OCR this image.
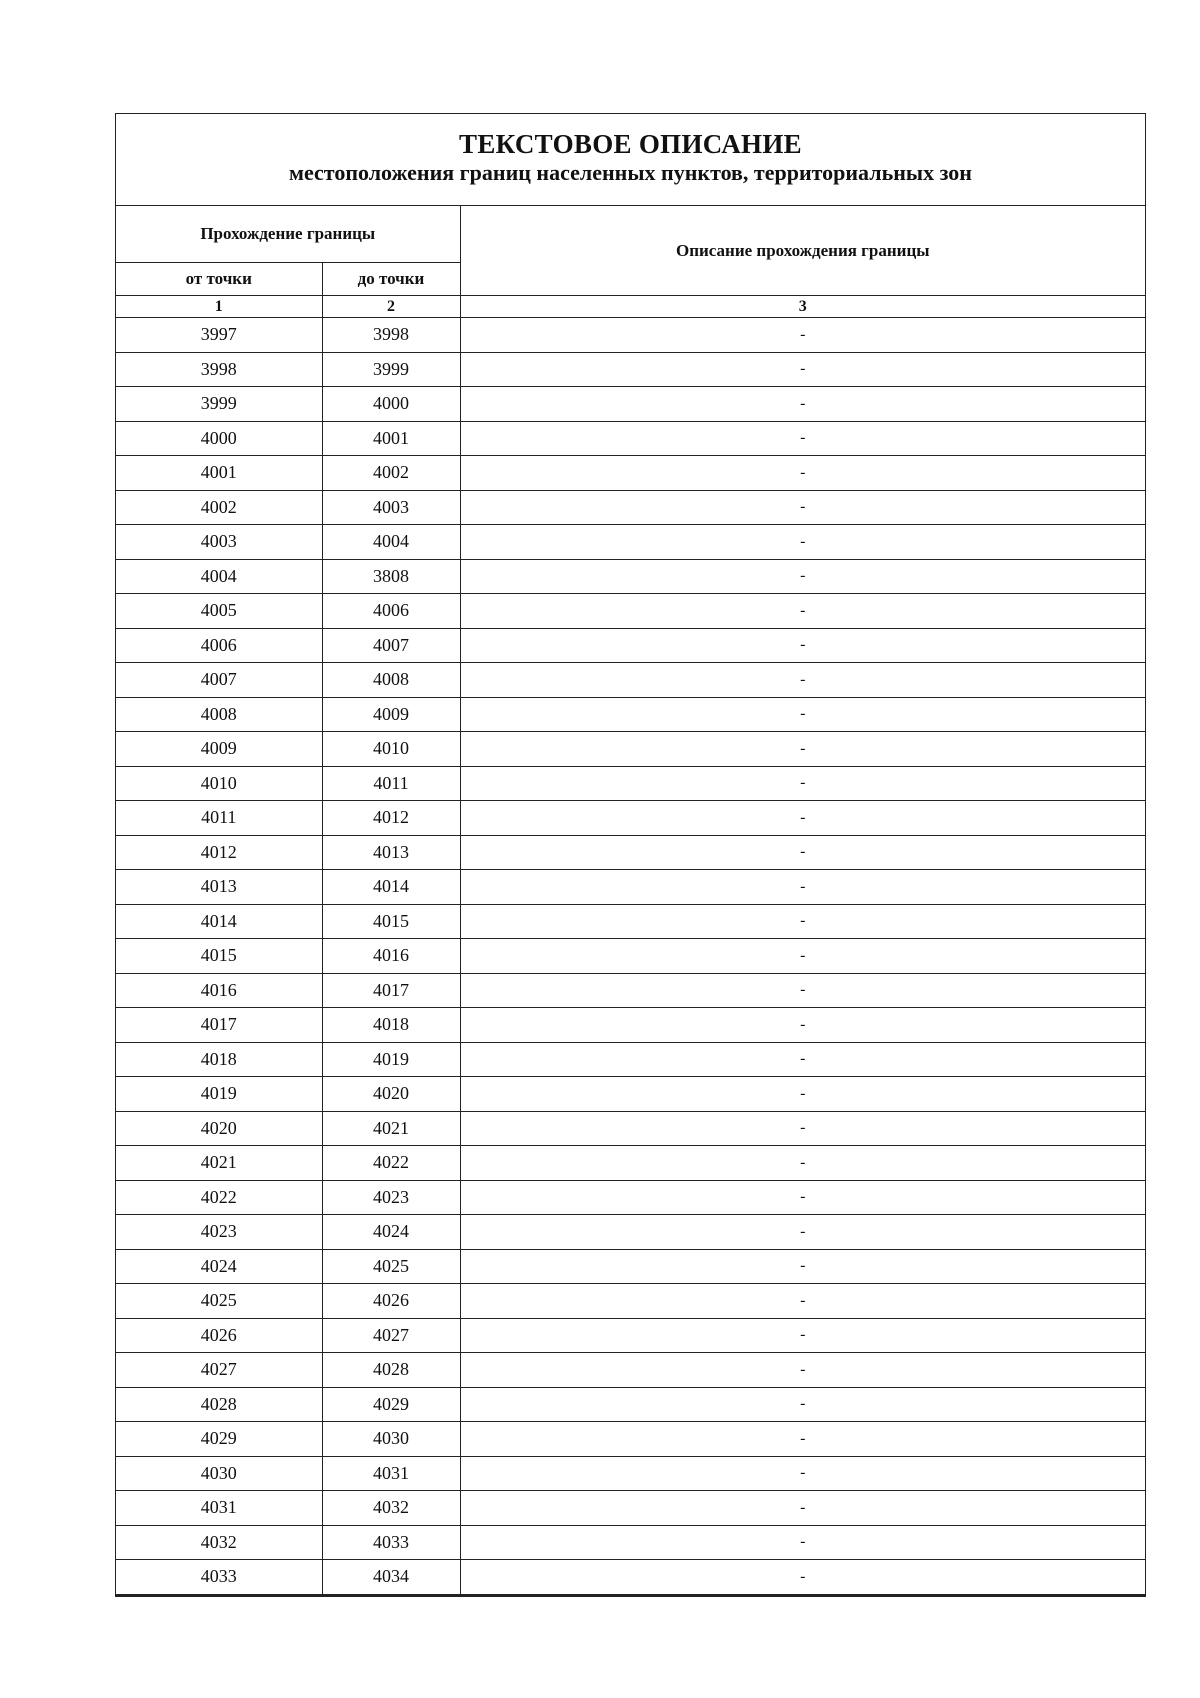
ТЕКСТОВОЕ ОПИСАНИЕ
местоположения границ населенных пунктов, территориальных зон
Прохождение границы		Описание прохождения границы
от точки	до точки	
1	2	3
3997	3998	-
3998	3999	-
3999	4000	-
4000	4001	-
4001	4002	-
4002	4003	-
4003	4004	-
4004	3808	-
4005	4006	-
4006	4007	-
4007	4008	-
4008	4009	-
4009	4010	-
4010	4011	-
4011	4012	-
4012	4013	-
4013	4014	-
4014	4015	-
4015	4016	-
4016	4017	-
4017	4018	-
4018	4019	-
4019	4020	-
4020	4021	-
4021	4022	-
4022	4023	-
4023	4024	-
4024	4025	-
4025	4026	-
4026	4027	-
4027	4028	-
4028	4029	-
4029	4030	-
4030	4031	-
4031	4032	-
4032	4033	-
4033	4034	-
